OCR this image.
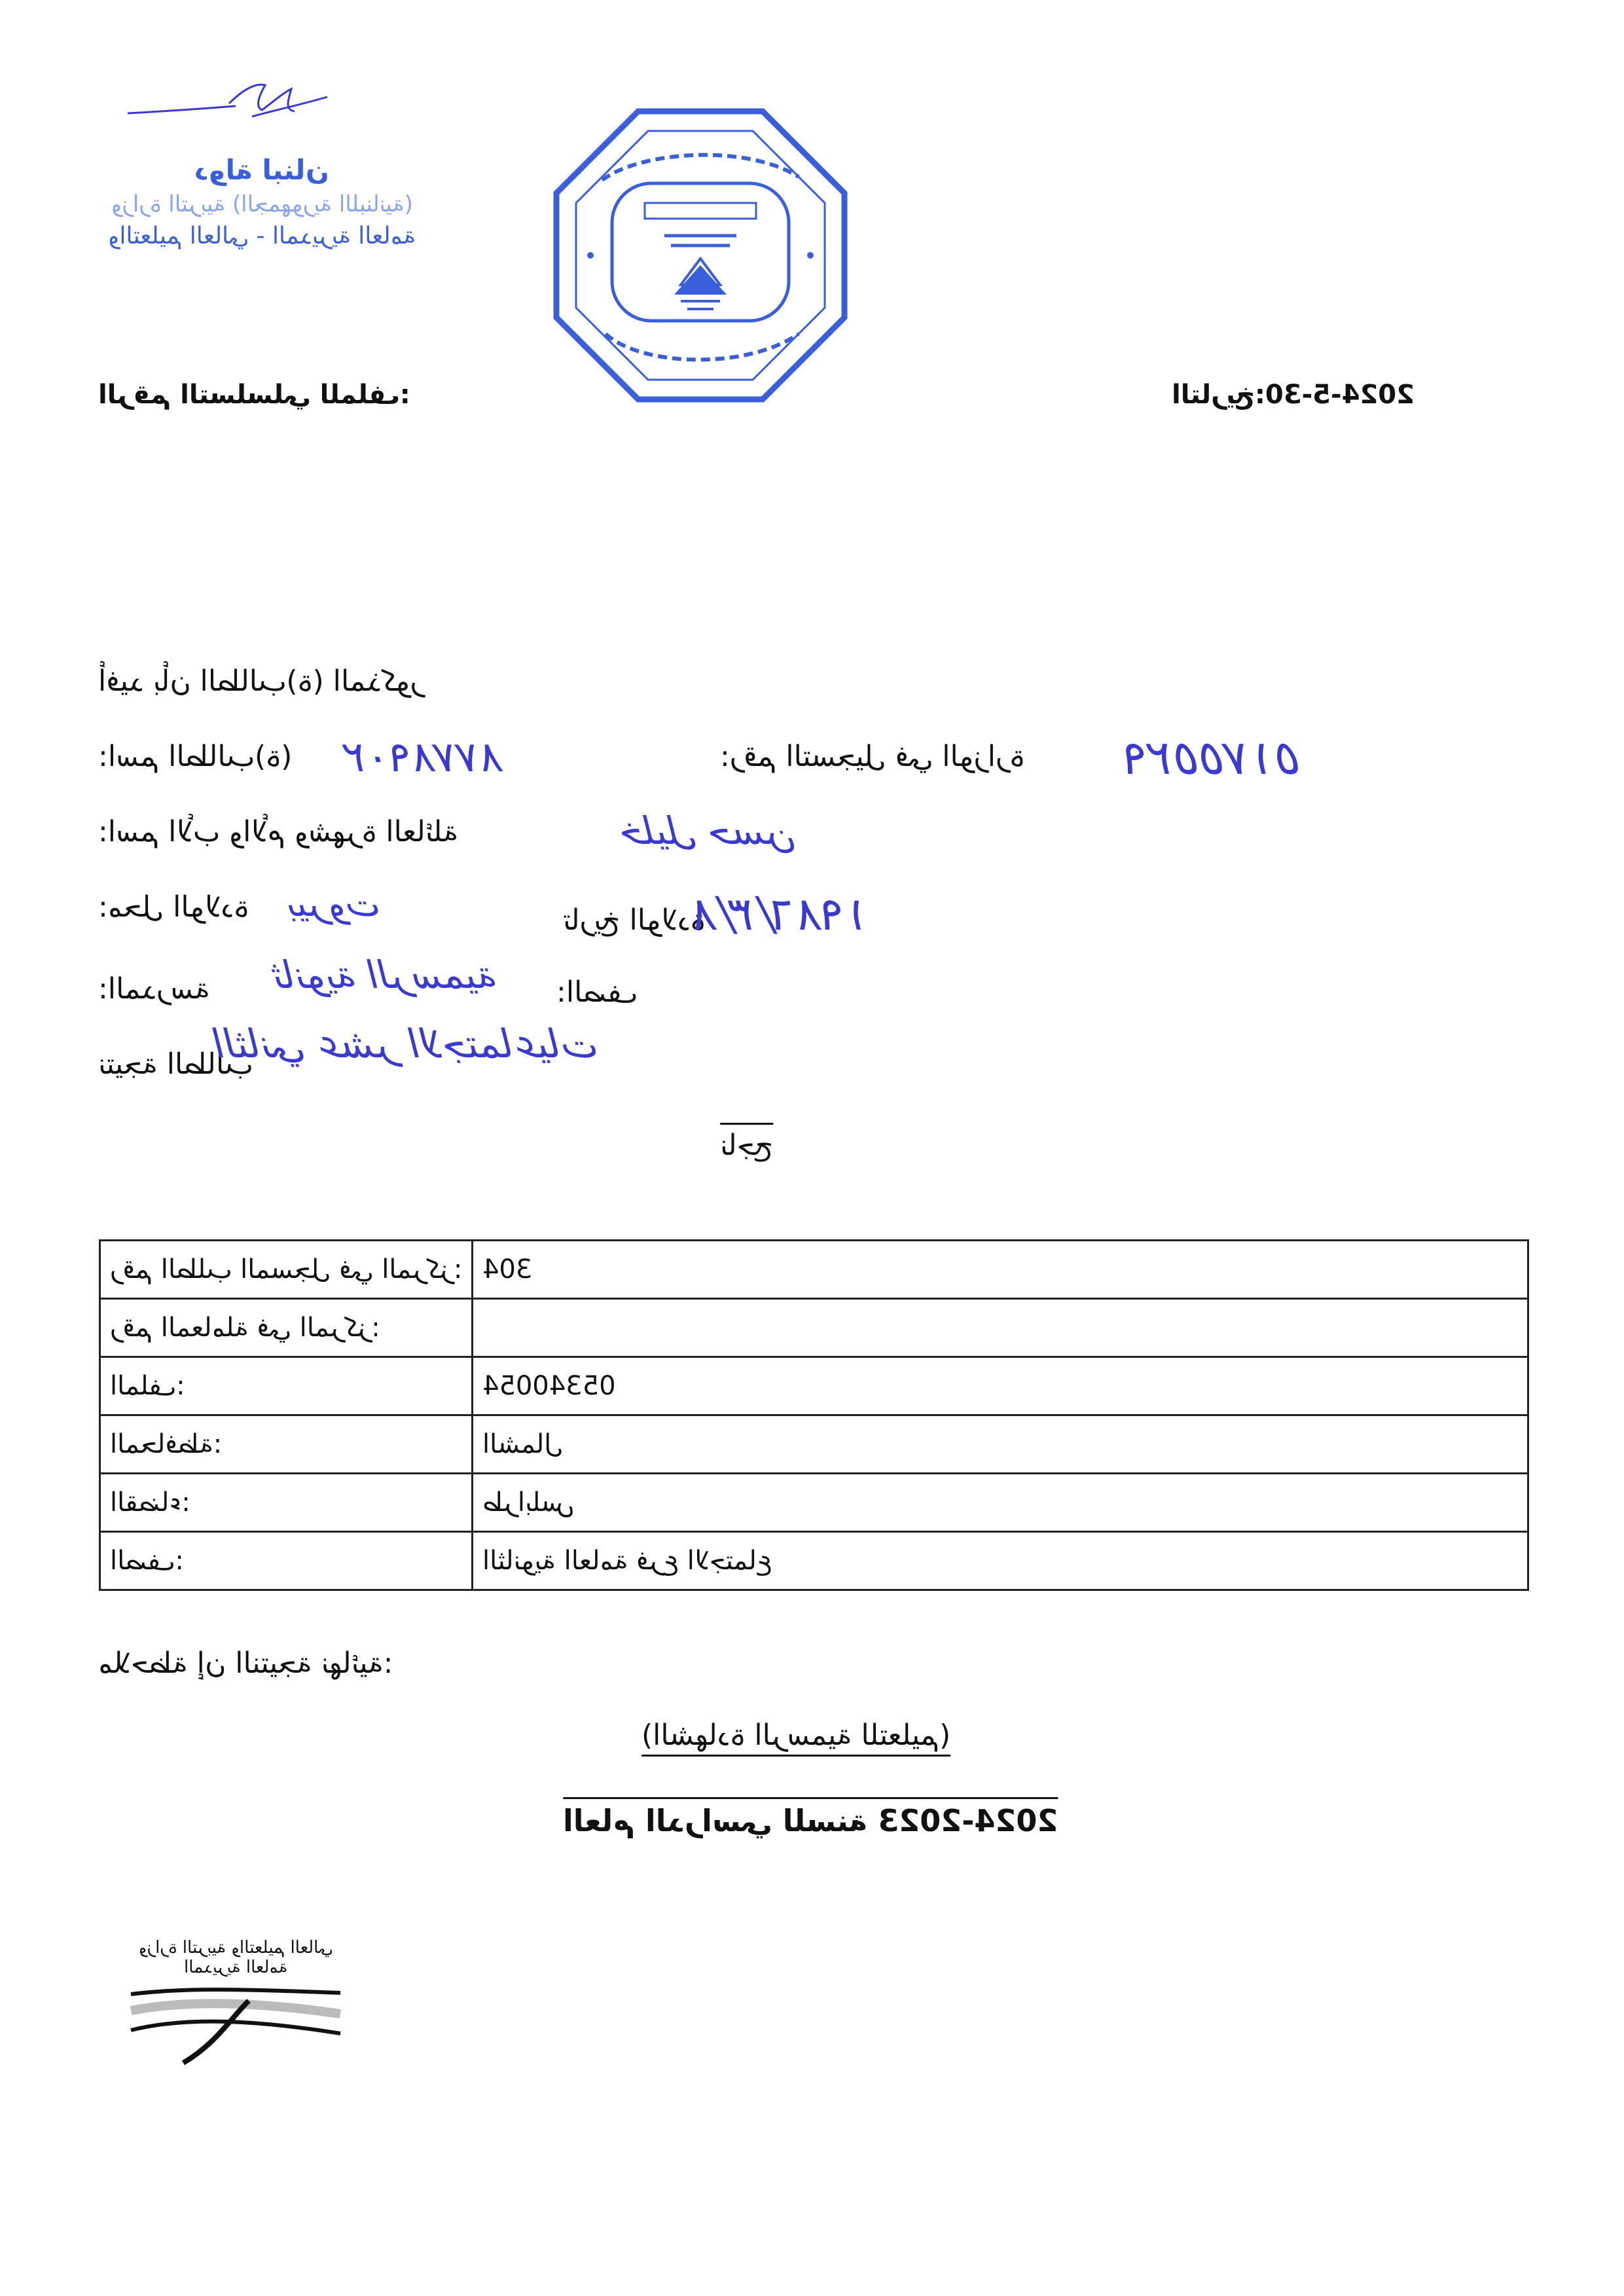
ﺩﻭﻟﺔ ﻟﺒﻨﺎﻥ
(ﺍﻟﺠﻤﻬﻮﺭﻳﺔ ﺍﻟﻠﺒﻨﺎﻧﻴﺔ) ﻭﺯﺍﺭﺓ ﺍﻟﺘﺮﺑﻴﺔ
ﻭﺍﻟﺘﻌﻠﻴﻢ ﺍﻟﻌﺎﻟﻲ - ﺍﻟﻤﺪﻳﺮﻳﺔ ﺍﻟﻌﺎﻣﺔ
:ﺍﻟﺮﻗﻢ ﺍﻟﺘﺴﻠﺴﻠﻲ ﻟﻠﻤﻠﻒ	2024-5-30:ﺍﻟﺘﺎﺭﻳﺦ
ﺃﻓﻴﺪ ﺑﺄﻥ ﺍﻟﻄﺎﻟﺐ(ﺓ) ﺍﻟﻤﺬﻛﻮﺭ
ﺍﺳﻢ ﺍﻟﻄﺎﻟﺐ(ﺓ):	٨٧٧٨٩٠٢	ﺭﻗﻢ ﺍﻟﺘﺴﺠﻴﻞ ﻓﻲ ﺍﻟﻮﺯﺍﺭﺓ:	٥١٧٥٥٢٩
ﺍﺳﻢ ﺍﻷﺏ ﻭﺍﻷﻡ ﻭﺷﻬﺮﺓ ﺍﻟﻌﺎﺋﻠﺔ:	ﺧﻠﻴﻞ ﺣﺴﻦ
ﻣﺤﻞ ﺍﻟﻮﻻﺩﺓ:	ﺑﻴﺮﻭﺕ	ﺗﺎﺭﻳﺦ ﺍﻟﻮﻻﺩﺓ
١٩٨٦/٣/٨
ﺍﻟﻤﺪﺭﺳﺔ:	ﺛﺎﻧﻮﻳﺔ ﺍﻟﺮﺳﻤﻴﺔ	ﺍﻟﺼﻒ:
ﻧﺘﻴﺠﺔ ﺍﻟﻄﺎﻟﺐ
ﺍﻟﺜﺎﻧﻲ ﻋﺸﺮ ﺍﻻﺟﺘﻤﺎﻋﻴﺎﺕ
ﻧﺎﺟﺢ
:ﺭﻗﻢ ﺍﻟﻄﻠﺐ ﺍﻟﻤﺴﺠﻞ ﻓﻲ ﺍﻟﻤﺮﻛﺰ	304
:ﺭﻗﻢ ﺍﻟﻤﻌﺎﻣﻠﺔ ﻓﻲ ﺍﻟﻤﺮﻛﺰ	
:ﺍﻟﻤﻠﻒ	05340054
:ﺍﻟﻤﺤﺎﻓﻈﺔ	ﺍﻟﺸﻤﺎﻝ
:ﺍﻟﻘﻀﺎﺀ	ﻃﺮﺍﺑﻠﺲ
:ﺍﻟﺼﻒ	ﺍﻟﺜﺎﻧﻮﻳﺔ ﺍﻟﻌﺎﻣﺔ ﻓﺮﻉ ﺍﻻﺟﺘﻤﺎﻉ
:ﻣﻼﺣﻈﺔ ﺇﻥ ﺍﻟﻨﺘﻴﺠﺔ ﻧﻬﺎﺋﻴﺔ
(ﺍﻟﺸﻬﺎﺩﺓ ﺍﻟﺮﺳﻤﻴﺔ ﻟﻠﺘﻌﻠﻴﻢ)
2024-2023 ﺍﻟﻌﺎﻡ ﺍﻟﺪﺭﺍﺳﻲ ﻟﻠﺴﻨﺔ
ﻭﺯﺍﺭﺓ ﺍﻟﺘﺮﺑﻴﺔ ﻭﺍﻟﺘﻌﻠﻴﻢ ﺍﻟﻌﺎﻟﻲ
ﺍﻟﻤﺪﻳﺮﻳﺔ ﺍﻟﻌﺎﻣﺔ
